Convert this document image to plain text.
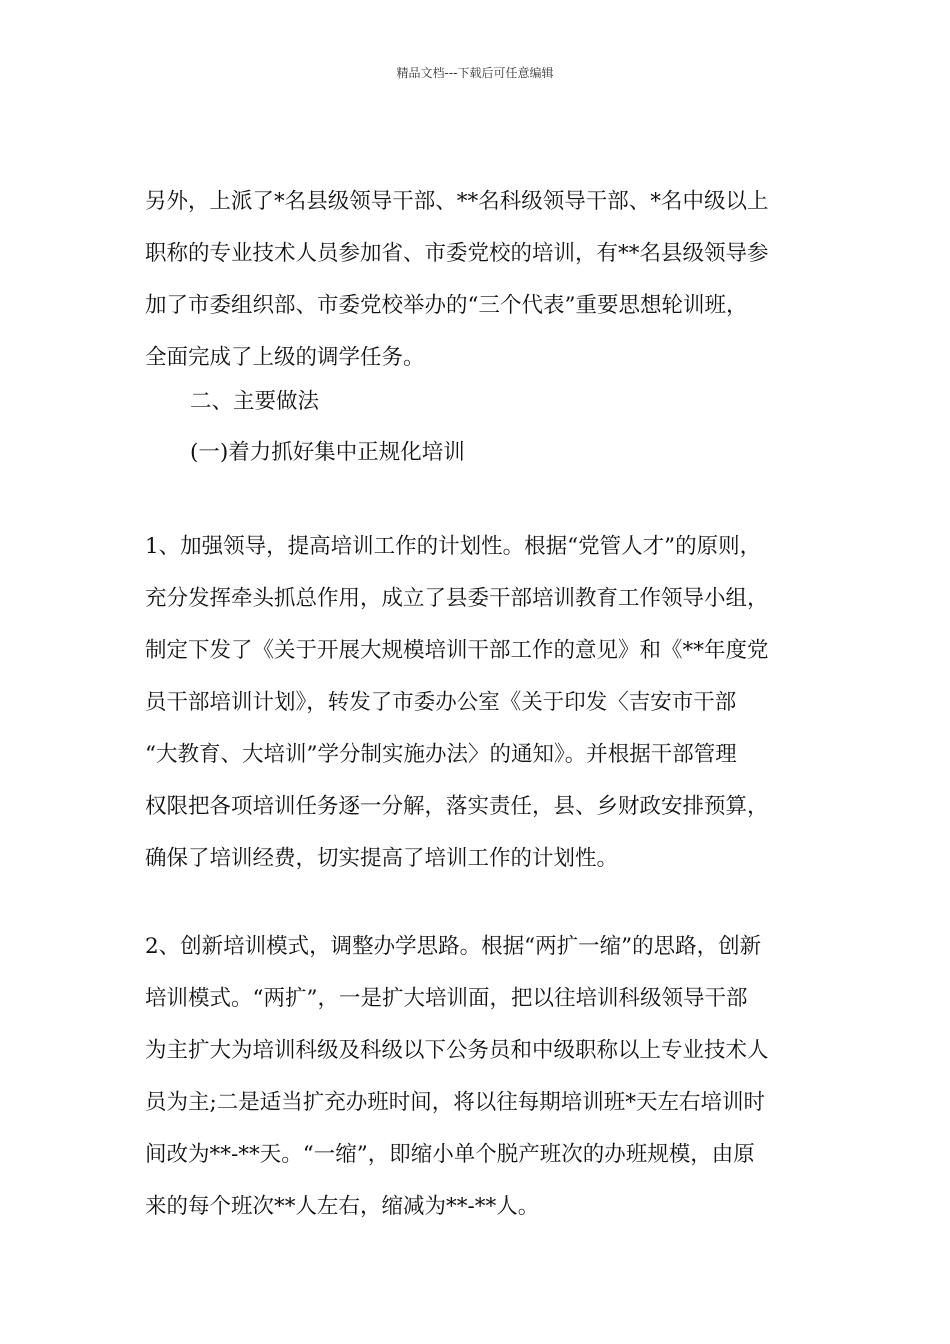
精品文档---下载后可任意编辑
另外，上派了*名县级领导干部、**名科级领导干部、*名中级以上
职称的专业技术人员参加省、市委党校的培训，有**名县级领导参
加了市委组织部、市委党校举办的“三个代表”重要思想轮训班，
全面完成了上级的调学任务。
二、主要做法
(一)着力抓好集中正规化培训
1、加强领导，提高培训工作的计划性。根据“党管人才”的原则，
充分发挥牵头抓总作用，成立了县委干部培训教育工作领导小组，
制定下发了《关于开展大规模培训干部工作的意见》和《**年度党
员干部培训计划》，转发了市委办公室《关于印发〈吉安市干部
“大教育、大培训”学分制实施办法〉的通知》。并根据干部管理
权限把各项培训任务逐一分解，落实责任，县、乡财政安排预算，
确保了培训经费，切实提高了培训工作的计划性。
2、创新培训模式，调整办学思路。根据“两扩一缩”的思路，创新
培训模式。“两扩”，一是扩大培训面，把以往培训科级领导干部
为主扩大为培训科级及科级以下公务员和中级职称以上专业技术人
员为主;二是适当扩充办班时间，将以往每期培训班*天左右培训时
间改为**-**天。“一缩”，即缩小单个脱产班次的办班规模，由原
来的每个班次**人左右，缩减为**-**人。
